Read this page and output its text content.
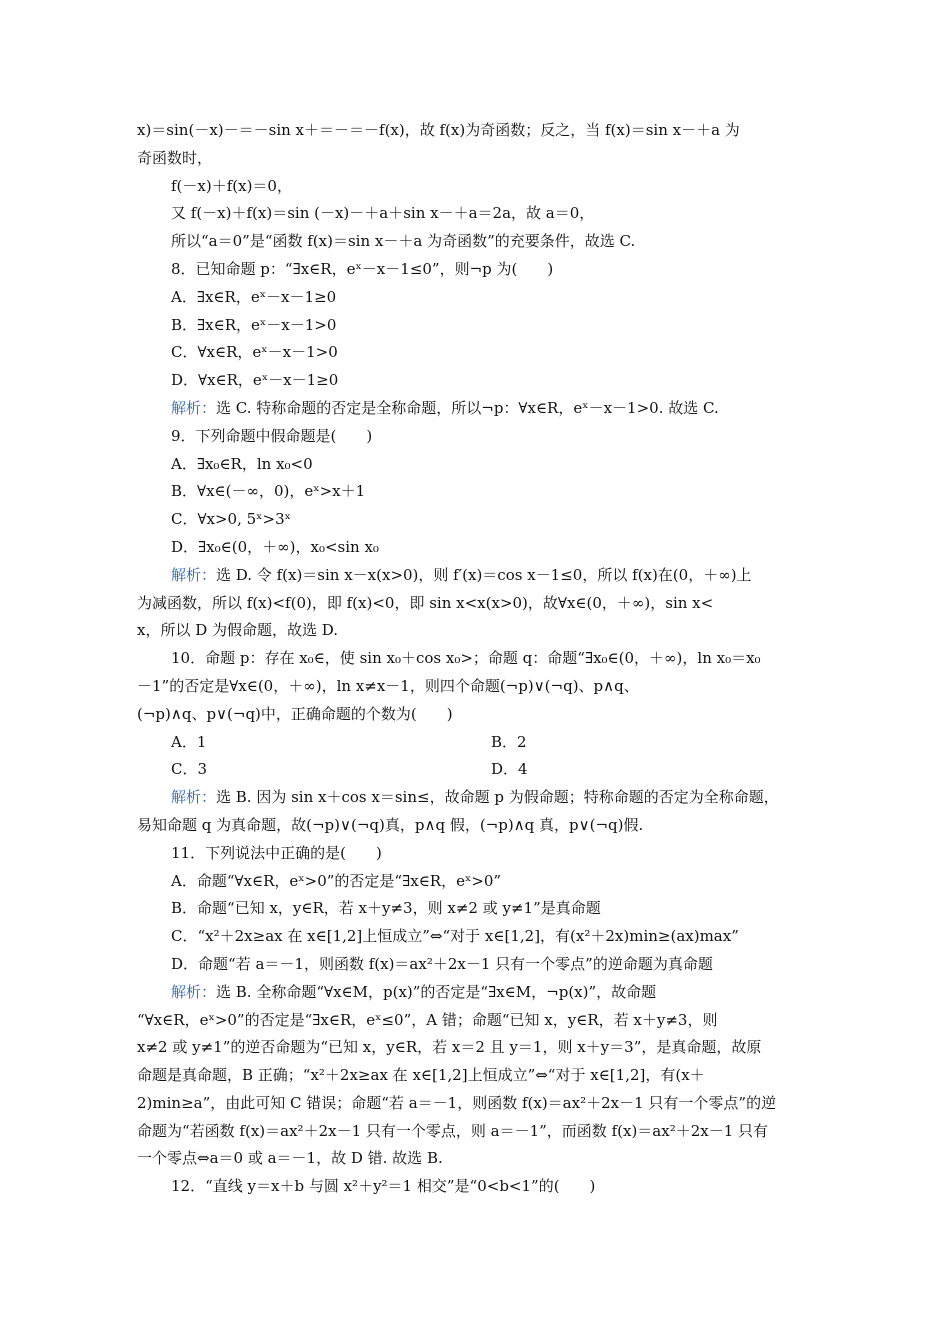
x)＝sin(－x)－＝－sin x＋＝－＝－f(x)，故 f(x)为奇函数；反之，当 f(x)＝sin x－＋a 为
奇函数时，
f(－x)＋f(x)＝0，
又 f(－x)＋f(x)＝sin (－x)－＋a＋sin x－＋a＝2a，故 a＝0，
所以“a＝0”是“函数 f(x)＝sin x－＋a 为奇函数”的充要条件，故选 C.
8．已知命题 p：“∃x∈R，eˣ－x－1≤0”，则¬p 为(　　)
A．∃x∈R，eˣ－x－1≥0
B．∃x∈R，eˣ－x－1>0
C．∀x∈R，eˣ－x－1>0
D．∀x∈R，eˣ－x－1≥0
解析：选 C. 特称命题的否定是全称命题，所以¬p：∀x∈R，eˣ－x－1>0. 故选 C.
9．下列命题中假命题是(　　)
A．∃x₀∈R，ln x₀<0
B．∀x∈(－∞，0)，eˣ>x＋1
C．∀x>0, 5ˣ>3ˣ
D．∃x₀∈(0，＋∞)，x₀<sin x₀
解析：选 D. 令 f(x)＝sin x－x(x>0)，则 f′(x)＝cos x－1≤0，所以 f(x)在(0，＋∞)上
为减函数，所以 f(x)<f(0)，即 f(x)<0，即 sin x<x(x>0)，故∀x∈(0，＋∞)，sin x<
x，所以 D 为假命题，故选 D.
10．命题 p：存在 x₀∈，使 sin x₀＋cos x₀>；命题 q：命题“∃x₀∈(0，＋∞)，ln x₀＝x₀
－1”的否定是∀x∈(0，＋∞)，ln x≠x－1，则四个命题(¬p)∨(¬q)、p∧q、
(¬p)∧q、p∨(¬q)中，正确命题的个数为(　　)
A．1	B．2
C．3	D．4
解析：选 B. 因为 sin x＋cos x＝sin≤，故命题 p 为假命题；特称命题的否定为全称命题，
易知命题 q 为真命题，故(¬p)∨(¬q)真，p∧q 假，(¬p)∧q 真，p∨(¬q)假.
11．下列说法中正确的是(　　)
A．命题“∀x∈R，eˣ>0”的否定是“∃x∈R，eˣ>0”
B．命题“已知 x，y∈R，若 x＋y≠3，则 x≠2 或 y≠1”是真命题
C．“x²＋2x≥ax 在 x∈[1,2]上恒成立”⇔“对于 x∈[1,2]，有(x²＋2x)min≥(ax)max”
D．命题“若 a＝－1，则函数 f(x)＝ax²＋2x－1 只有一个零点”的逆命题为真命题
解析：选 B. 全称命题“∀x∈M，p(x)”的否定是“∃x∈M，¬p(x)”，故命题
“∀x∈R，eˣ>0”的否定是“∃x∈R，eˣ≤0”，A 错；命题“已知 x，y∈R，若 x＋y≠3，则
x≠2 或 y≠1”的逆否命题为“已知 x，y∈R，若 x＝2 且 y＝1，则 x＋y＝3”，是真命题，故原
命题是真命题，B 正确；“x²＋2x≥ax 在 x∈[1,2]上恒成立”⇔“对于 x∈[1,2]，有(x＋
2)min≥a”，由此可知 C 错误；命题“若 a＝－1，则函数 f(x)＝ax²＋2x－1 只有一个零点”的逆
命题为“若函数 f(x)＝ax²＋2x－1 只有一个零点，则 a＝－1”，而函数 f(x)＝ax²＋2x－1 只有
一个零点⇔a＝0 或 a＝－1，故 D 错. 故选 B.
12．“直线 y＝x＋b 与圆 x²＋y²＝1 相交”是“0<b<1”的(　　)
